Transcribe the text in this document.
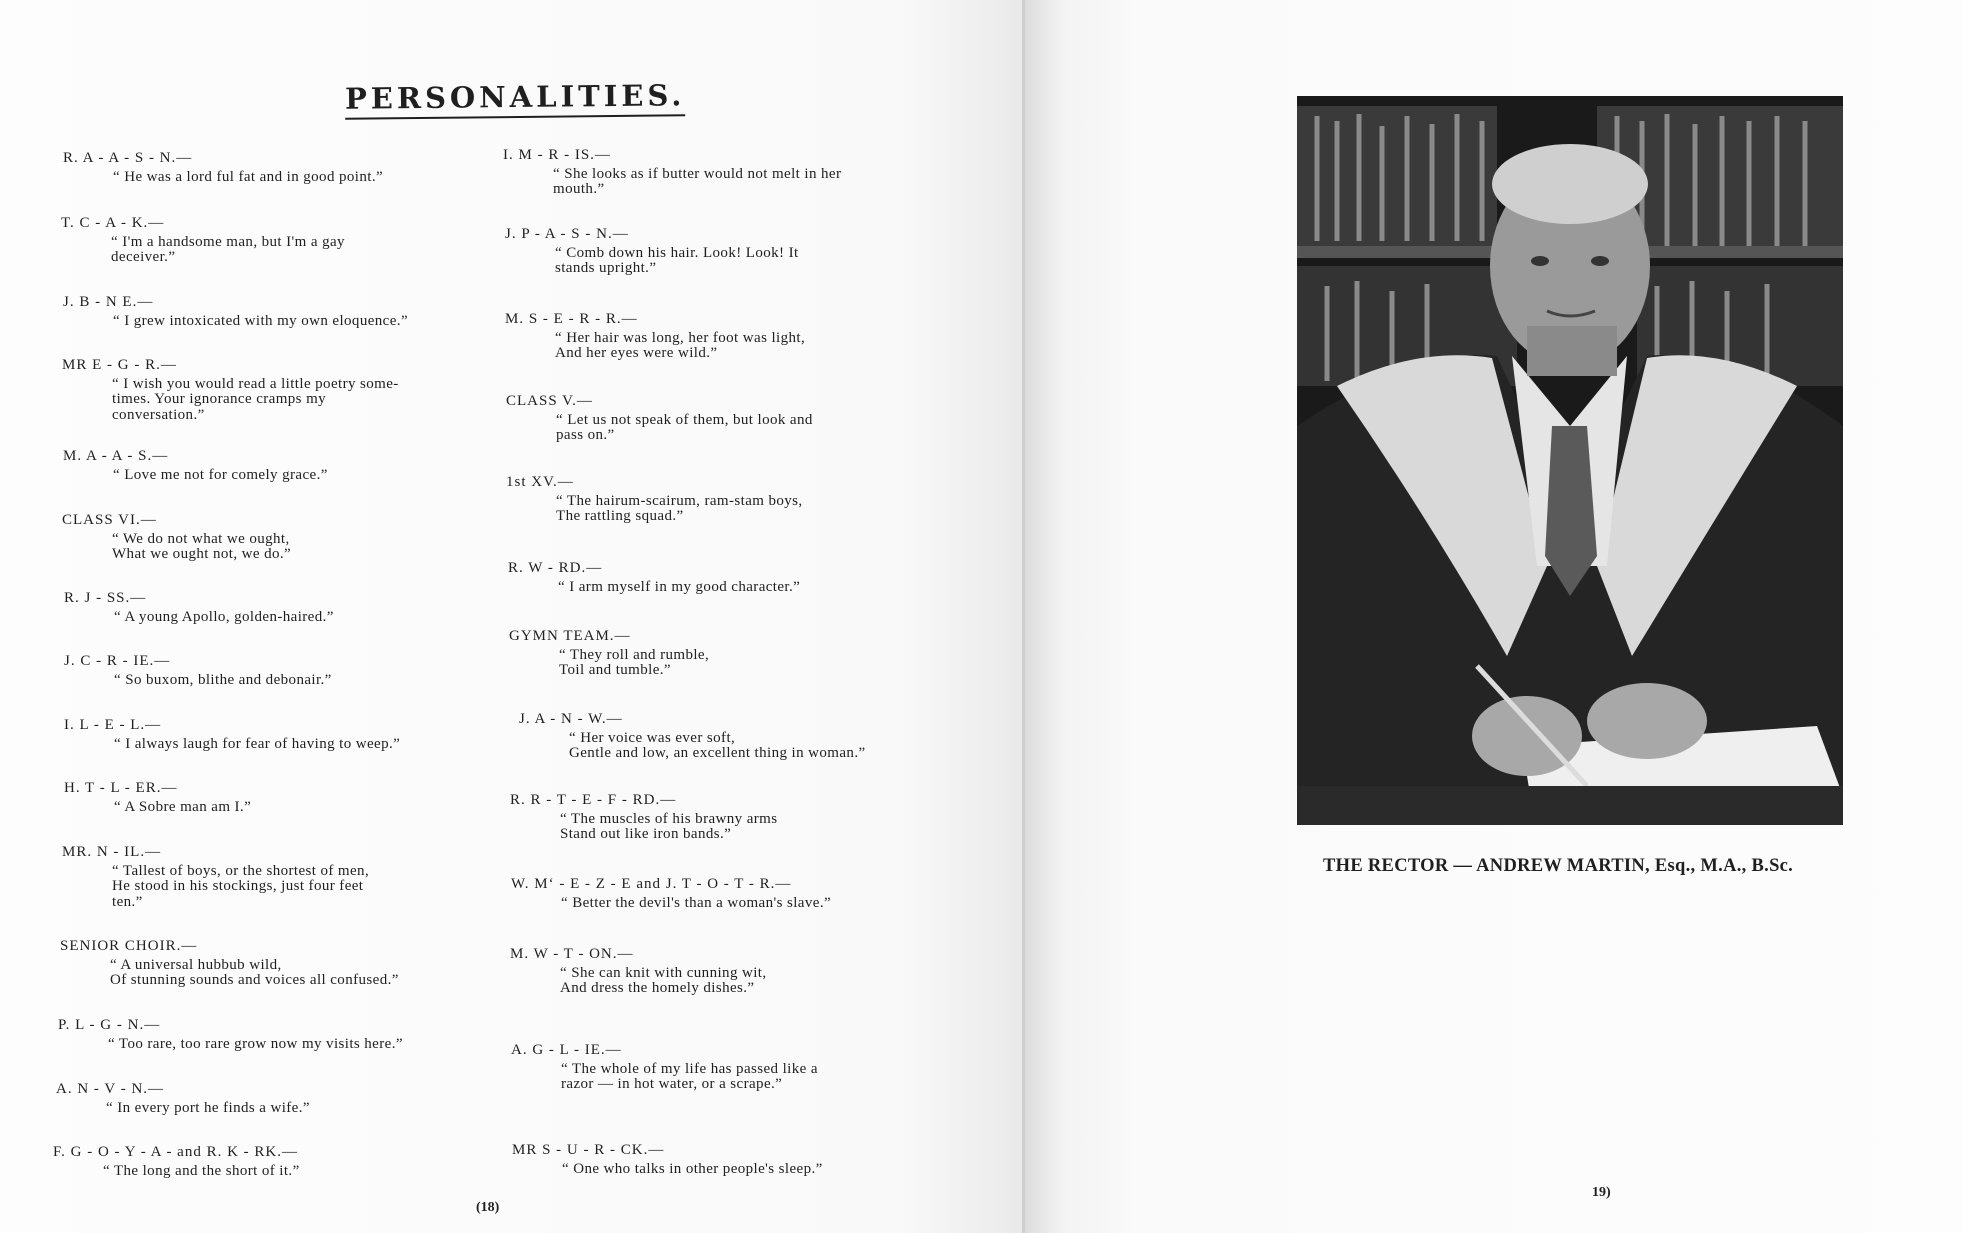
PERSONALITIES.
R. A - A - S - N.—
“ He was a lord ful fat and in good point.”
T. C - A - K.—
“ I'm a handsome man, but I'm a gay
deceiver.”
J. B - N E.—
“ I grew intoxicated with my own eloquence.”
MR E - G - R.—
“ I wish you would read a little poetry some-
times. Your ignorance cramps my
conversation.”
M. A - A - S.—
“ Love me not for comely grace.”
CLASS VI.—
“ We do not what we ought,
What we ought not, we do.”
R. J - SS.—
“ A young Apollo, golden-haired.”
J. C - R - IE.—
“ So buxom, blithe and debonair.”
I. L - E - L.—
“ I always laugh for fear of having to weep.”
H. T - L - ER.—
“ A Sobre man am I.”
MR. N - IL.—
“ Tallest of boys, or the shortest of men,
He stood in his stockings, just four feet
ten.”
SENIOR CHOIR.—
“ A universal hubbub wild,
Of stunning sounds and voices all confused.”
P. L - G - N.—
“ Too rare, too rare grow now my visits here.”
A. N - V - N.—
“ In every port he finds a wife.”
F. G - O - Y - A - and R. K - RK.—
“ The long and the short of it.”
I. M - R - IS.—
“ She looks as if butter would not melt in her
mouth.”
J. P - A - S - N.—
“ Comb down his hair. Look! Look! It
stands upright.”
M. S - E - R - R.—
“ Her hair was long, her foot was light,
And her eyes were wild.”
CLASS V.—
“ Let us not speak of them, but look and
pass on.”
1st XV.—
“ The hairum-scairum, ram-stam boys,
The rattling squad.”
R. W - RD.—
“ I arm myself in my good character.”
GYMN TEAM.—
“ They roll and rumble,
Toil and tumble.”
J. A - N - W.—
“ Her voice was ever soft,
Gentle and low, an excellent thing in woman.”
R. R - T - E - F - RD.—
“ The muscles of his brawny arms
Stand out like iron bands.”
W. M‘ - E - Z - E and J. T - O - T - R.—
“ Better the devil's than a woman's slave.”
M. W - T - ON.—
“ She can knit with cunning wit,
And dress the homely dishes.”
A. G - L - IE.—
“ The whole of my life has passed like a
razor — in hot water, or a scrape.”
MR S - U - R - CK.—
“ One who talks in other people's sleep.”
(18)
THE RECTOR — ANDREW MARTIN, Esq., M.A., B.Sc.
19)
